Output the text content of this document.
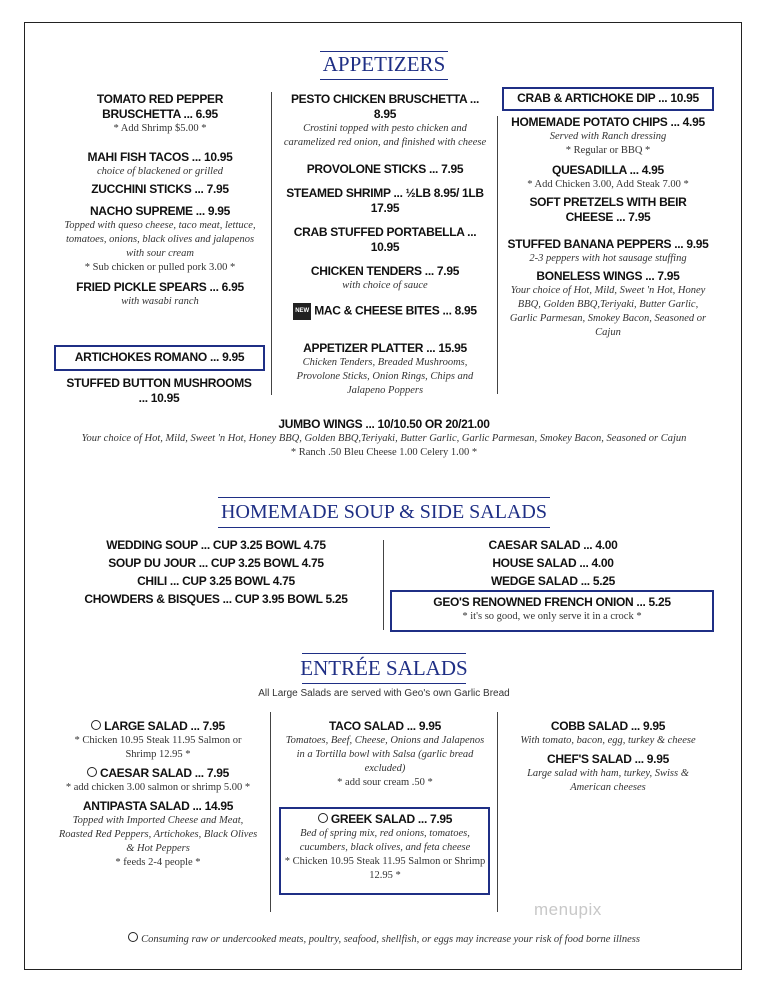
APPETIZERS
TOMATO RED PEPPER BRUSCHETTA ... 6.95
* Add Shrimp $5.00 *
MAHI FISH TACOS ... 10.95
choice of blackened or grilled
ZUCCHINI STICKS ... 7.95
NACHO SUPREME ... 9.95
Topped with queso cheese, taco meat, lettuce, tomatoes, onions, black olives and jalapenos with sour cream
* Sub chicken or pulled pork 3.00 *
FRIED PICKLE SPEARS ... 6.95
with wasabi ranch
ARTICHOKES ROMANO ... 9.95
STUFFED BUTTON MUSHROOMS ... 10.95
PESTO CHICKEN BRUSCHETTA ... 8.95
Crostini topped with pesto chicken and caramelized red onion, and finished with cheese
PROVOLONE STICKS ... 7.95
STEAMED SHRIMP ... ½LB 8.95/ 1LB 17.95
CRAB STUFFED PORTABELLA ... 10.95
CHICKEN TENDERS ... 7.95
with choice of sauce
NEW MAC & CHEESE BITES ... 8.95
APPETIZER PLATTER ... 15.95
Chicken Tenders, Breaded Mushrooms, Provolone Sticks, Onion Rings, Chips and Jalapeno Poppers
CRAB & ARTICHOKE DIP ... 10.95
HOMEMADE POTATO CHIPS ... 4.95
Served with Ranch dressing
* Regular or BBQ *
QUESADILLA ... 4.95
* Add Chicken 3.00, Add Steak 7.00 *
SOFT PRETZELS WITH BEIR CHEESE ... 7.95
STUFFED BANANA PEPPERS ... 9.95
2-3 peppers with hot sausage stuffing
BONELESS WINGS ... 7.95
Your choice of Hot, Mild, Sweet 'n Hot, Honey BBQ, Golden BBQ,Teriyaki, Butter Garlic, Garlic Parmesan, Smokey Bacon, Seasoned or Cajun
JUMBO WINGS ... 10/10.50 OR 20/21.00
Your choice of Hot, Mild, Sweet 'n Hot, Honey BBQ, Golden BBQ,Teriyaki, Butter Garlic, Garlic Parmesan, Smokey Bacon, Seasoned or Cajun
* Ranch .50 Bleu Cheese 1.00 Celery 1.00 *
HOMEMADE SOUP & SIDE SALADS
WEDDING SOUP ... CUP 3.25 BOWL 4.75
SOUP DU JOUR ... CUP 3.25 BOWL 4.75
CHILI ... CUP 3.25 BOWL 4.75
CHOWDERS & BISQUES ... CUP 3.95 BOWL 5.25
CAESAR SALAD ... 4.00
HOUSE SALAD ... 4.00
WEDGE SALAD ... 5.25
GEO'S RENOWNED FRENCH ONION ... 5.25
* it's so good, we only serve it in a crock *
ENTRÉE SALADS
All Large Salads are served with Geo's own Garlic Bread
LARGE SALAD ... 7.95
* Chicken 10.95 Steak 11.95 Salmon or Shrimp 12.95 *
CAESAR SALAD ... 7.95
* add chicken 3.00 salmon or shrimp 5.00 *
ANTIPASTA SALAD ... 14.95
Topped with Imported Cheese and Meat, Roasted Red Peppers, Artichokes, Black Olives & Hot Peppers
* feeds 2-4 people *
TACO SALAD ... 9.95
Tomatoes, Beef, Cheese, Onions and Jalapenos in a Tortilla bowl with Salsa (garlic bread excluded)
* add sour cream .50 *
GREEK SALAD ... 7.95
Bed of spring mix, red onions, tomatoes, cucumbers, black olives, and feta cheese
* Chicken 10.95 Steak 11.95 Salmon or Shrimp 12.95 *
COBB SALAD ... 9.95
With tomato, bacon, egg, turkey & cheese
CHEF'S SALAD ... 9.95
Large salad with ham, turkey, Swiss & American cheeses
menupix
Consuming raw or undercooked meats, poultry, seafood, shellfish, or eggs may increase your risk of food borne illness
